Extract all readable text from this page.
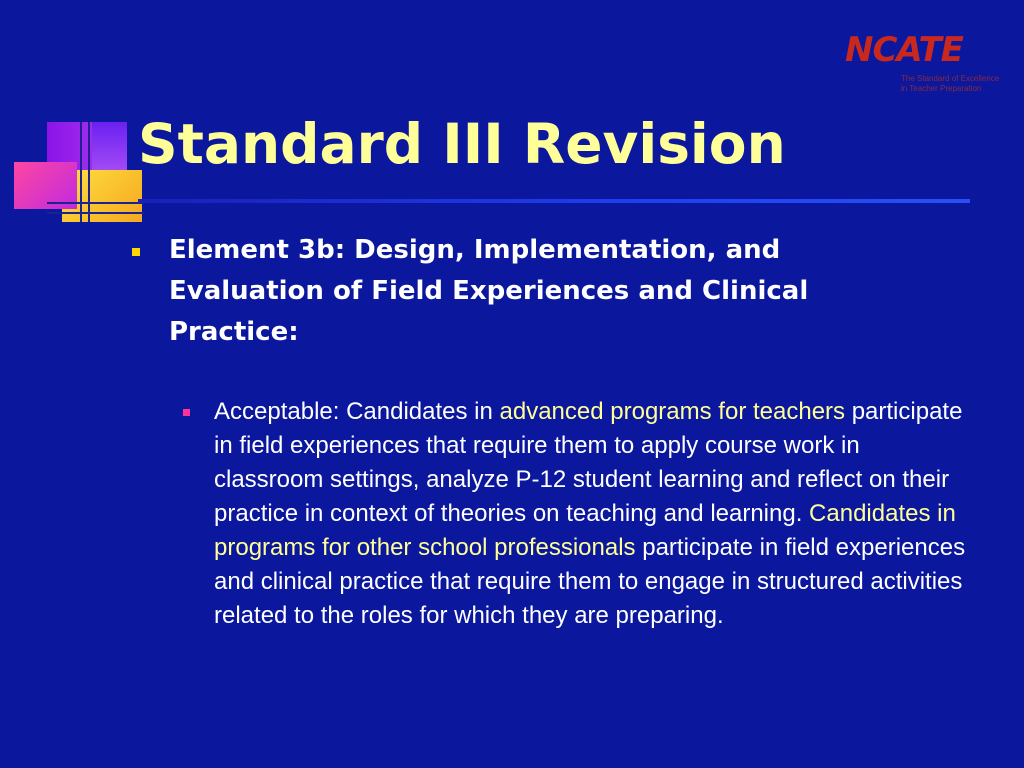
NCATE
The Standard of Excellence
in Teacher Preparation
Standard III Revision
Element 3b: Design, Implementation, and Evaluation of Field Experiences and Clinical Practice:
Acceptable: Candidates in advanced programs for teachers participate in field experiences that require them to apply course work in classroom settings, analyze P-12 student learning and reflect on their practice in context of theories on teaching and learning. Candidates in programs for other school professionals participate in field experiences and clinical practice that require them to engage in structured activities related to the roles for which they are preparing.
